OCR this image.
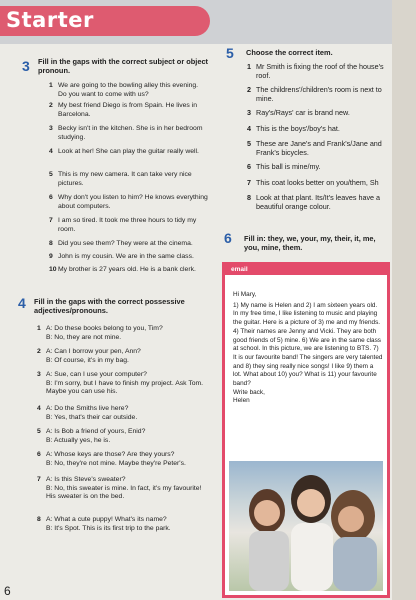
Starter
3 Fill in the gaps with the correct subject or object pronoun.
1 We are going to the bowling alley this evening. Do you want to come with us?
2 My best friend Diego is from Spain. He lives in Barcelona.
3 Becky isn't in the kitchen. She is in her bedroom studying.
4 Look at her! She can play the guitar really well.
5 This is my new camera. It can take very nice pictures.
6 Why don't you listen to him? He knows everything about computers.
7 I am so tired. It took me three hours to tidy my room.
8 Did you see them? They were at the cinema.
9 John is my cousin. We are in the same class.
10 My brother is 27 years old. He is a bank clerk.
4 Fill in the gaps with the correct possessive adjectives/pronouns.
1 A: Do these books belong to you, Tim?
B: No, they are not mine.
2 A: Can I borrow your pen, Ann?
B: Of course, it's in my bag.
3 A: Sue, can I use your computer?
B: I'm sorry, but I have to finish my project. Ask Tom. Maybe you can use his.
4 A: Do the Smiths live here?
B: Yes, that's their car outside.
5 A: Is Bob a friend of yours, Enid?
B: Actually yes, he is.
6 A: Whose keys are those? Are they yours?
B: No, they're not mine. Maybe they're Peter's.
7 A: Is this Steve's sweater?
B: No, this sweater is mine. In fact, it's my favourite! His sweater is on the bed.
8 A: What a cute puppy! What's its name?
B: It's Spot. This is its first trip to the park.
5 Choose the correct item.
1 Mr Smith is fixing the roof of the house's roof.
2 The childrens'/children's room is next to mine.
3 Ray's/Rays' car is brand new.
4 This is the boys'/boy's hat.
5 These are Jane's and Frank's/Jane and Frank's bicycles.
6 This ball is mine/my.
7 This coat looks better on you/them, Sh
8 Look at that plant. Its/It's leaves have a beautiful orange colour.
6 Fill in: they, we, your, my, their, it, me, you, mine, them.
email
Hi Mary,
1) My name is Helen and 2) I am sixteen years old. In my free time, I like listening to music and playing the guitar. Here is a picture of 3) me and my friends. 4) Their names are Jenny and Vicki. They are both good friends of 5) mine. 6) We are in the same class at school. In this picture, we are listening to BTS. 7) It is our favourite band! The singers are very talented and 8) they sing really nice songs! I like 9) them a lot. What about 10) you? What is 11) your favourite band?
Write back,
Helen
6
